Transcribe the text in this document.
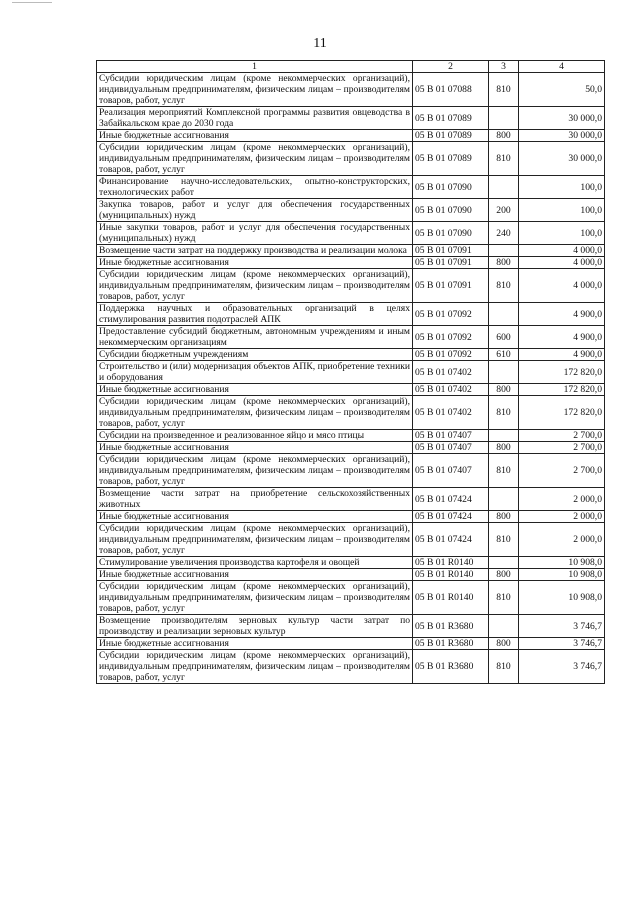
11
1	2	3	4
Субсидии юридическим лицам (кроме некоммерческих организаций), индивидуальным предпринимателям, физическим лицам – производителям товаров, работ, услуг	05 В 01 07088	810	50,0
Реализация мероприятий Комплексной программы развития овцеводства в Забайкальском крае до 2030 года	05 В 01 07089		30 000,0
Иные бюджетные ассигнования	05 В 01 07089	800	30 000,0
Субсидии юридическим лицам (кроме некоммерческих организаций), индивидуальным предпринимателям, физическим лицам – производителям товаров, работ, услуг	05 В 01 07089	810	30 000,0
Финансирование научно-исследовательских, опытно-конструкторских, технологических работ	05 В 01 07090		100,0
Закупка товаров, работ и услуг для обеспечения государственных (муниципальных) нужд	05 В 01 07090	200	100,0
Иные закупки товаров, работ и услуг для обеспечения государственных (муниципальных) нужд	05 В 01 07090	240	100,0
Возмещение части затрат на поддержку производства и реализации молока	05 В 01 07091		4 000,0
Иные бюджетные ассигнования	05 В 01 07091	800	4 000,0
Субсидии юридическим лицам (кроме некоммерческих организаций), индивидуальным предпринимателям, физическим лицам – производителям товаров, работ, услуг	05 В 01 07091	810	4 000,0
Поддержка научных и образовательных организаций в целях стимулирования развития подотраслей АПК	05 В 01 07092		4 900,0
Предоставление субсидий бюджетным, автономным учреждениям и иным некоммерческим организациям	05 В 01 07092	600	4 900,0
Субсидии бюджетным учреждениям	05 В 01 07092	610	4 900,0
Строительство и (или) модернизация объектов АПК, приобретение техники и оборудования	05 В 01 07402		172 820,0
Иные бюджетные ассигнования	05 В 01 07402	800	172 820,0
Субсидии юридическим лицам (кроме некоммерческих организаций), индивидуальным предпринимателям, физическим лицам – производителям товаров, работ, услуг	05 В 01 07402	810	172 820,0
Субсидии на произведенное и реализованное яйцо и мясо птицы	05 В 01 07407		2 700,0
Иные бюджетные ассигнования	05 В 01 07407	800	2 700,0
Субсидии юридическим лицам (кроме некоммерческих организаций), индивидуальным предпринимателям, физическим лицам – производителям товаров, работ, услуг	05 В 01 07407	810	2 700,0
Возмещение части затрат на приобретение сельскохозяйственных животных	05 В 01 07424		2 000,0
Иные бюджетные ассигнования	05 В 01 07424	800	2 000,0
Субсидии юридическим лицам (кроме некоммерческих организаций), индивидуальным предпринимателям, физическим лицам – производителям товаров, работ, услуг	05 В 01 07424	810	2 000,0
Стимулирование увеличения производства картофеля и овощей	05 В 01 R0140		10 908,0
Иные бюджетные ассигнования	05 В 01 R0140	800	10 908,0
Субсидии юридическим лицам (кроме некоммерческих организаций), индивидуальным предпринимателям, физическим лицам – производителям товаров, работ, услуг	05 В 01 R0140	810	10 908,0
Возмещение производителям зерновых культур части затрат по производству и реализации зерновых культур	05 В 01 R3680		3 746,7
Иные бюджетные ассигнования	05 В 01 R3680	800	3 746,7
Субсидии юридическим лицам (кроме некоммерческих организаций), индивидуальным предпринимателям, физическим лицам – производителям товаров, работ, услуг	05 В 01 R3680	810	3 746,7
